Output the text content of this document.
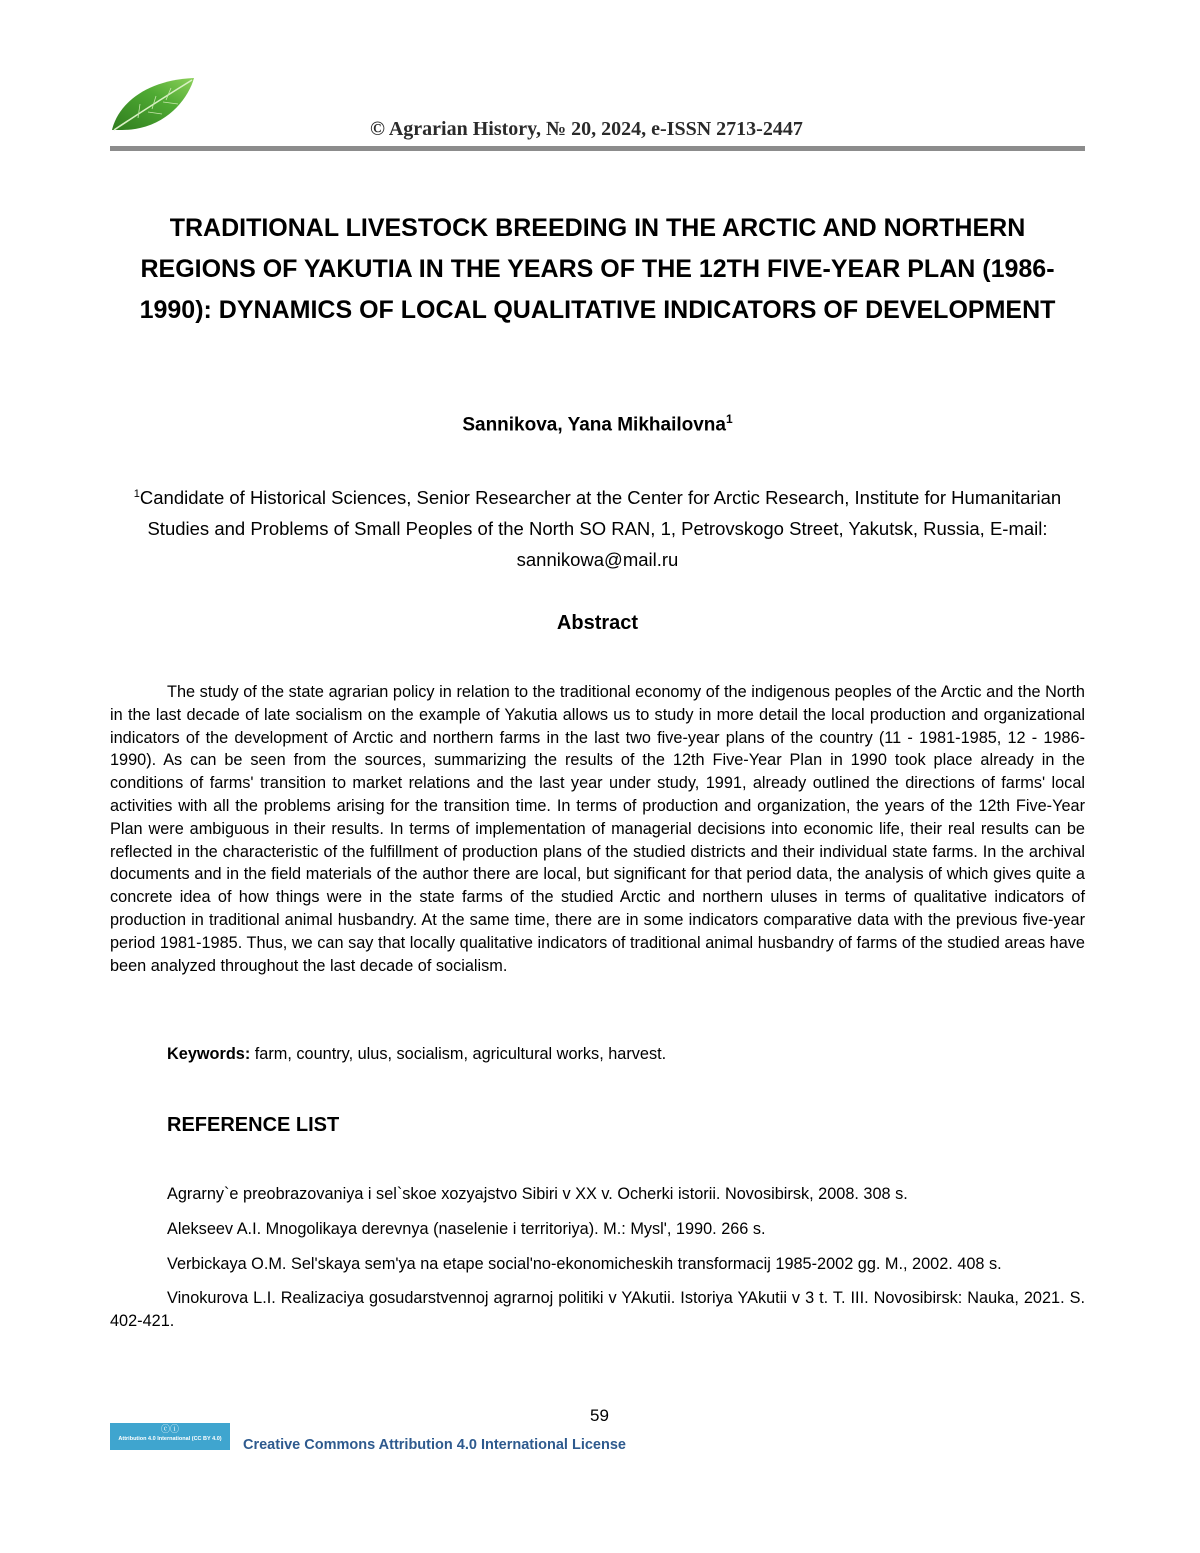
© Agrarian History, № 20, 2024, e-ISSN 2713-2447
TRADITIONAL LIVESTOCK BREEDING IN THE ARCTIC AND NORTHERN REGIONS OF YAKUTIA IN THE YEARS OF THE 12TH FIVE-YEAR PLAN (1986-1990): DYNAMICS OF LOCAL QUALITATIVE INDICATORS OF DEVELOPMENT
Sannikova, Yana Mikhailovna$^1$
$^1$Candidate of Historical Sciences, Senior Researcher at the Center for Arctic Research, Institute for Humanitarian Studies and Problems of Small Peoples of the North SO RAN, 1, Petrovskogo Street, Yakutsk, Russia, E-mail: sannikowa@mail.ru
Abstract
The study of the state agrarian policy in relation to the traditional economy of the indigenous peoples of the Arctic and the North in the last decade of late socialism on the example of Yakutia allows us to study in more detail the local production and organizational indicators of the development of Arctic and northern farms in the last two five-year plans of the country (11 - 1981-1985, 12 - 1986-1990). As can be seen from the sources, summarizing the results of the 12th Five-Year Plan in 1990 took place already in the conditions of farms' transition to market relations and the last year under study, 1991, already outlined the directions of farms' local activities with all the problems arising for the transition time. In terms of production and organization, the years of the 12th Five-Year Plan were ambiguous in their results. In terms of implementation of managerial decisions into economic life, their real results can be reflected in the characteristic of the fulfillment of production plans of the studied districts and their individual state farms. In the archival documents and in the field materials of the author there are local, but significant for that period data, the analysis of which gives quite a concrete idea of how things were in the state farms of the studied Arctic and northern uluses in terms of qualitative indicators of production in traditional animal husbandry. At the same time, there are in some indicators comparative data with the previous five-year period 1981-1985. Thus, we can say that locally qualitative indicators of traditional animal husbandry of farms of the studied areas have been analyzed throughout the last decade of socialism.
Keywords: farm, country, ulus, socialism, agricultural works, harvest.
REFERENCE LIST

Agrarny`e preobrazovaniya i sel`skoe xozyajstvo Sibiri v XX v. Ocherki istorii. Novosibirsk, 2008. 308 s.

Alekseev A.I. Mnogolikaya derevnya (naselenie i territoriya). M.: Mysl', 1990. 266 s.

Verbickaya O.M. Sel'skaya sem'ya na etape social'no-ekonomicheskih transformacij 1985-2002 gg. M., 2002. 408 s.

Vinokurova L.I. Realizaciya gosudarstvennoj agrarnoj politiki v YAkutii. Istoriya YAkutii v 3 t. T. III. Novosibirsk: Nauka, 2021. S. 402-421.

59
ⓒⓘ
Attribution 4.0 International (CC BY 4.0)	Creative Commons Attribution 4.0 International License
